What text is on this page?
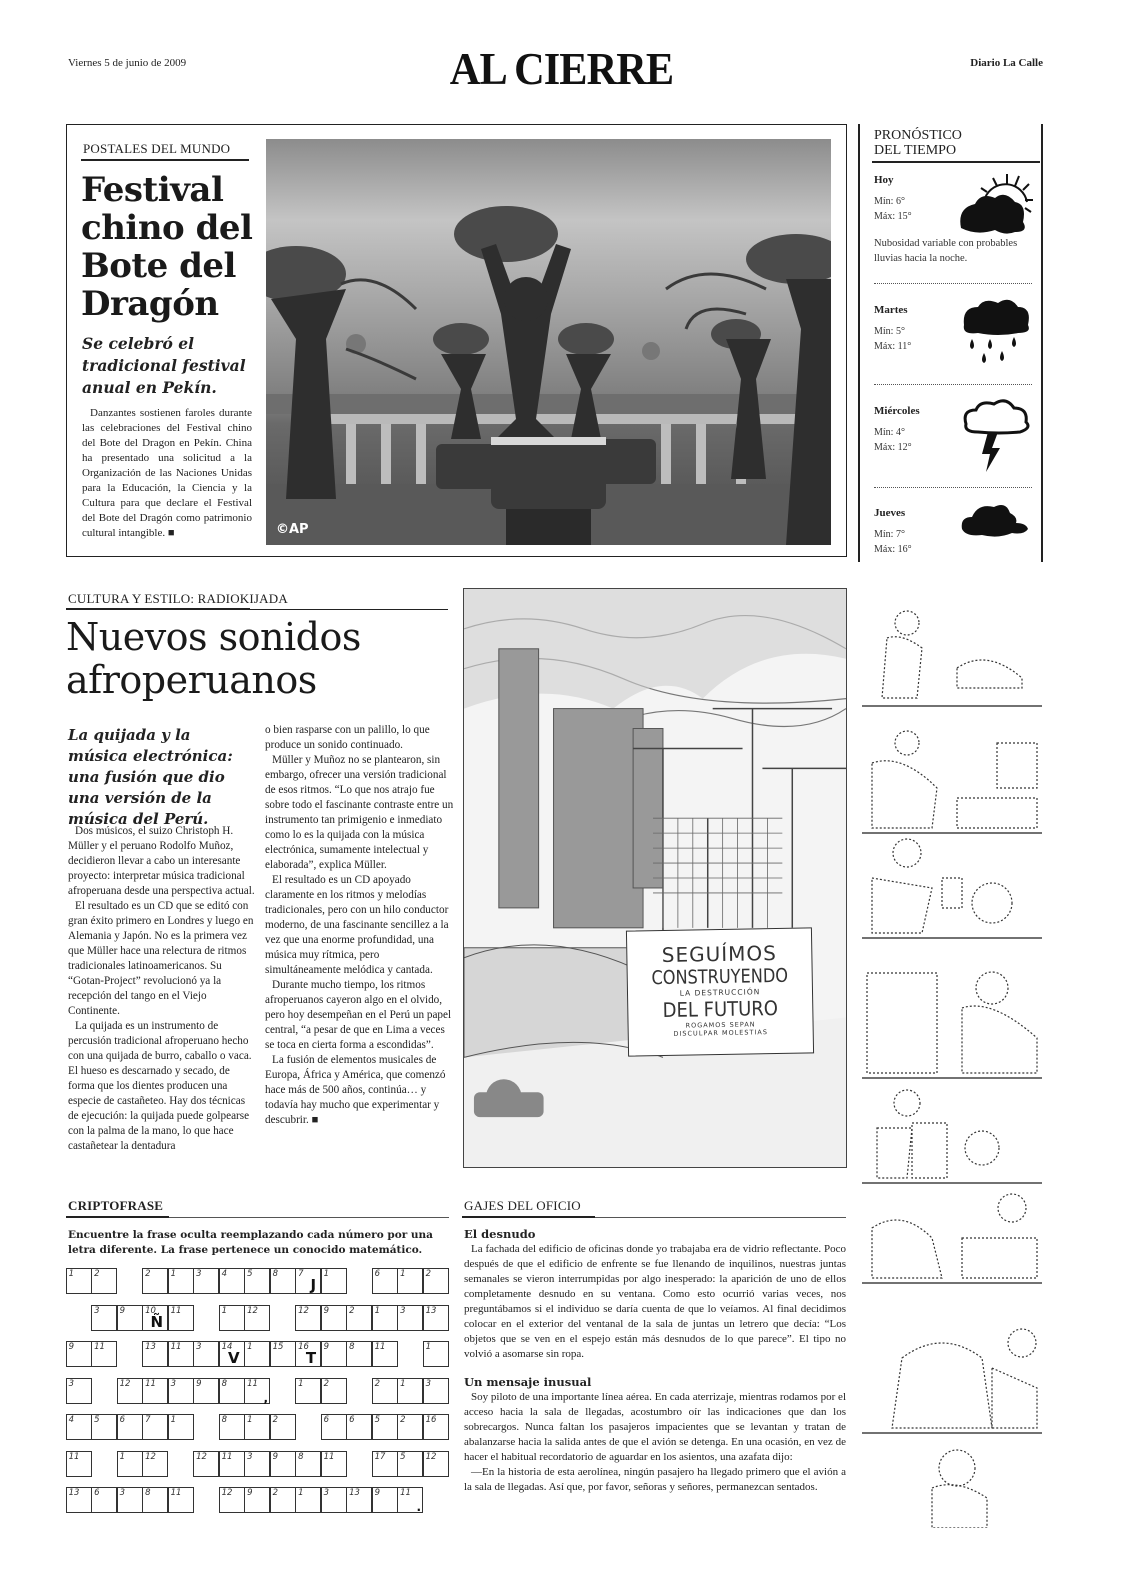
Viernes 5 de junio de 2009	AL CIERRE	Diario La Calle
POSTALES DEL MUNDO
Festival chino del Bote del Dragón
Se celebró el tradicional festival anual en Pekín.
Danzantes sostienen faroles durante las celebraciones del Festival chino del Bote del Dragon en Pekín. China ha presentado una solicitud a la Organización de las Naciones Unidas para la Educación, la Ciencia y la Cultura para que declare el Festival del Bote del Dragón como patrimonio cultural intangible. ■	©AP
PRONÓSTICO
DEL TIEMPO
Hoy
Mín: 6°
Máx: 15°
Nubosidad variable con probables lluvias hacia la noche.
Martes
Mín: 5°
Máx: 11°
Miércoles
Mín: 4°
Máx: 12°
Jueves
Mín: 7°
Máx: 16°
CULTURA Y ESTILO: RADIOKIJADA
Nuevos sonidos afroperuanos
La quijada y la música electrónica: una fusión que dio una versión de la música del Perú.

Dos músicos, el suizo Christoph H. Müller y el peruano Rodolfo Muñoz, decidieron llevar a cabo un interesante proyecto: interpretar música tradicional afroperuana desde una perspectiva actual.

El resultado es un CD que se editó con gran éxito primero en Londres y luego en Alemania y Japón. No es la primera vez que Müller hace una relectura de ritmos tradicionales latinoamericanos. Su “Gotan-Project” revolucionó ya la recepción del tango en el Viejo Continente.

La quijada es un instrumento de percusión tradicional afroperuano hecho con una quijada de burro, caballo o vaca. El hueso es descarnado y secado, de forma que los dientes producen una especie de castañeteo. Hay dos técnicas de ejecución: la quijada puede golpearse con la palma de la mano, lo que hace castañetear la dentadura

o bien rasparse con un palillo, lo que produce un sonido continuado.

Müller y Muñoz no se plantearon, sin embargo, ofrecer una versión tradicional de esos ritmos. “Lo que nos atrajo fue sobre todo el fascinante contraste entre un instrumento tan primigenio e inmediato como lo es la quijada con la música electrónica, sumamente intelectual y elaborada”, explica Müller.

El resultado es un CD apoyado claramente en los ritmos y melodías tradicionales, pero con un hilo conductor moderno, de una fascinante sencillez a la vez que una enorme profundidad, una música muy rítmica, pero simultáneamente melódica y cantada.

Durante mucho tiempo, los ritmos afroperuanos cayeron algo en el olvido, pero hoy desempeñan en el Perú un papel central, “a pesar de que en Lima a veces se toca en cierta forma a escondidas”.

La fusión de elementos musicales de Europa, África y América, que comenzó hace más de 500 años, continúa… y todavía hay mucho que experimentar y descubrir. ■

SEGUÍMOS
CONSTRUYENDO
LA DESTRUCCIÓN
DEL FUTURO
ROGAMOS SEPAN
DISCULPAR MOLESTIAS
CRIPTOFRASE
Encuentre la frase oculta reemplazando cada número por una letra diferente. La frase pertenece un conocido matemático.
1 2	2 1 3 4 5 8 7
J
1	6 1 2
3 9 10
Ñ
11	1 12	12 9 2 1 3 13
9 11	13 11 3 14
V
1 15 16
T
9 8 11	1
3	12 11 3 9 8 11
,
1 2	2 1 3
4 5 6 7 1	8 1 2	6 6 5 2 16
11	1 12	12 11 3 9 8 11	17 5 12
13 6 3 8 11	12 9 2 1 3 13 9 11
.
GAJES DEL OFICIO
El desnudo

La fachada del edificio de oficinas donde yo trabajaba era de vidrio reflectante. Poco después de que el edificio de enfrente se fue llenando de inquilinos, nuestras juntas semanales se vieron interrumpidas por algo inesperado: la aparición de uno de ellos completamente desnudo en su ventana. Como esto ocurrió varias veces, nos preguntábamos si el individuo se daría cuenta de que lo veíamos. Al final decidimos colocar en el exterior del ventanal de la sala de juntas un letrero que decía: “Los objetos que se ven en el espejo están más desnudos de lo que parece”. El tipo no volvió a asomarse sin ropa.

Un mensaje inusual

Soy piloto de una importante línea aérea. En cada aterrizaje, mientras rodamos por el acceso hacia la sala de llegadas, acostumbro oír las indicaciones que dan los sobrecargos. Nunca faltan los pasajeros impacientes que se levantan y tratan de abalanzarse hacia la salida antes de que el avión se detenga. En una ocasión, en vez de hacer el habitual recordatorio de aguardar en los asientos, una azafata dijo:

—En la historia de esta aerolínea, ningún pasajero ha llegado primero que el avión a la sala de llegadas. Así que, por favor, señoras y señores, permanezcan sentados.
